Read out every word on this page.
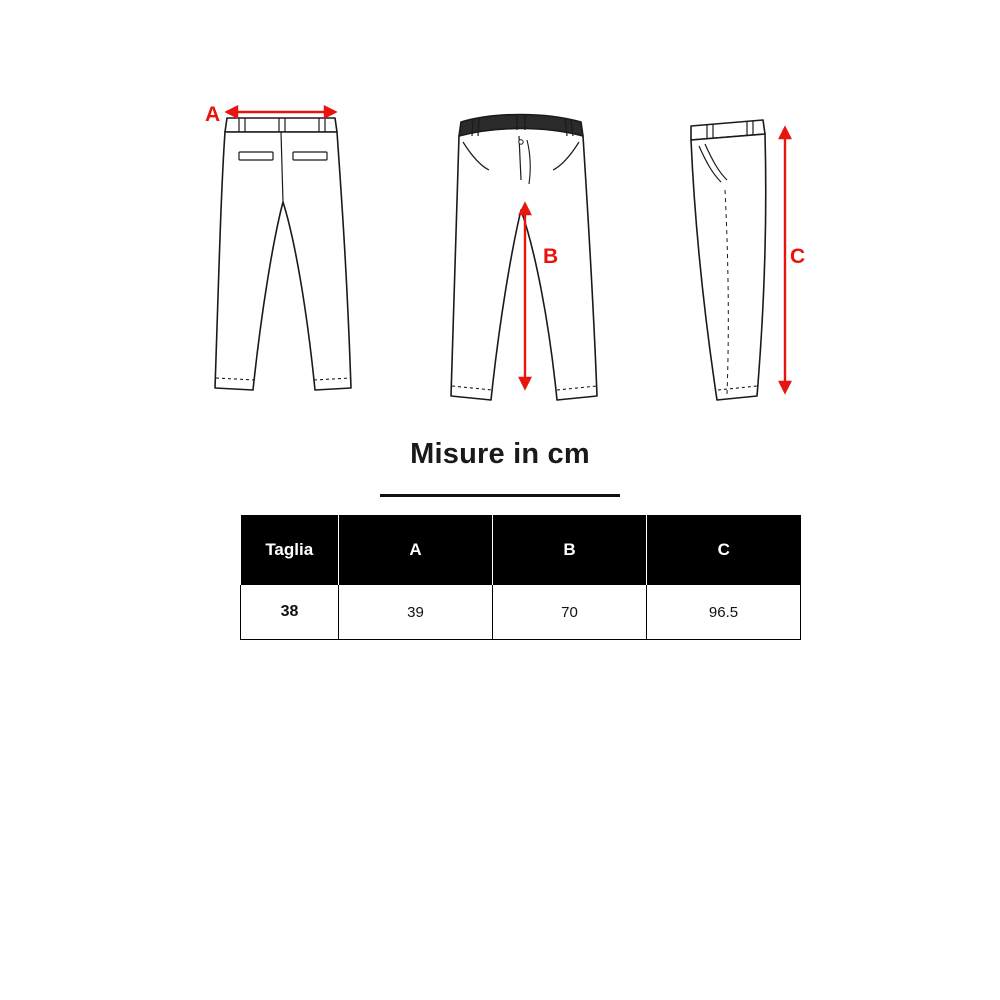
A
B	C
Misure in cm
Taglia	A	B	C
38	39	70	96.5
